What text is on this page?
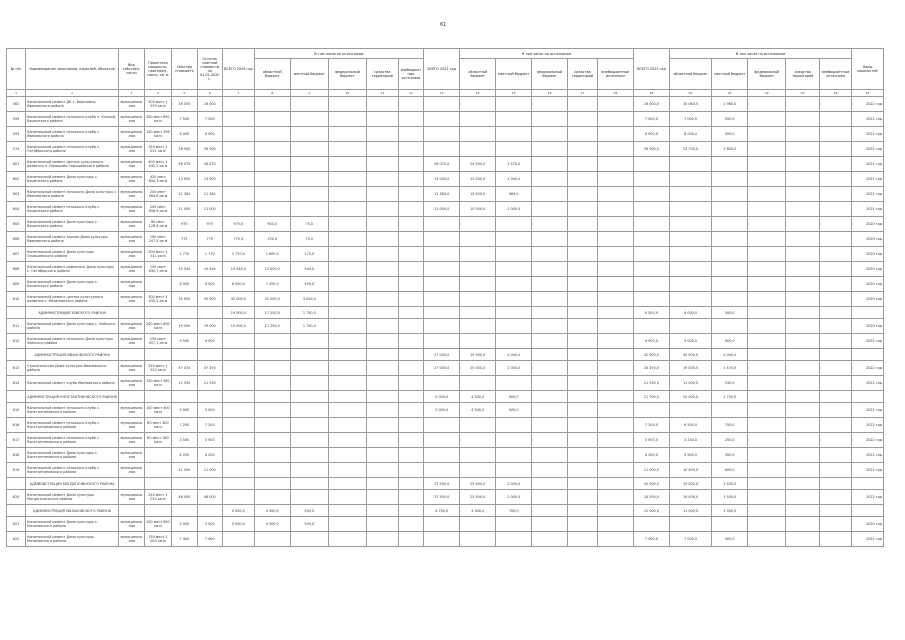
61
№ п/п	Наименование заказчиков, отраслей, объектов	Вид собствен-ности	Проектная мощность, протяжен-ность, кв. м	Сметная стоимость	Остаток сметной стоимости на 01.01.2020 г.	ВСЕГО 2020 год	В том числе по источникам					ВСЕГО 2021 год	В том числе по источникам					ВСЕГО 2022 год	В том числе по источникам					Ввод мощностей
							областной бюджет	местный бюджет	федеральный бюджет	средства территорий	внебюджетные источники		областной бюджет	местный бюджет	федеральный бюджет	средства территорий	внебюджетные источники		областной бюджет	местный бюджет	федеральный бюджет	средства территорий	внебюджетные источники	
1	2	3	4	5	6	7	8	9	10	11	12	13	14	15	16	17	18	19	20	21	22	23	24	25
582	Капитальный ремонт ДК с. Березовка, Ивановского района	муниципаль-ная	200 мест 1 079 кв.м	16 000	16 000													16 000,0	15 040,0	1 960,0				2022 год
595	Капитальный ремонт сельского клуба п. Южный, Бешенского района	муниципаль-ная	300 мест 890 кв.м	7 500	7 500													7 500,0	7 000,0	500,0				2022 год
593	Капитальный ремонт сельского клуба с. Ивановского района	муниципаль-ная	150 мест 396 кв.м	8 000	8 000													8 000,0	8 000,0	500,0				2022 год
574	Капитальный ремонт сельского клуба с. Октябрьского района	муниципаль-ная	150 мест 1 011 кв.м	26 500	26 500													26 500,0	23 700,0	2 800,0				2022 год
601	Капитальный ремонт Центра культурного развития п. Серышево Серышевского района	муниципаль-ная	400 мест 1 442,2 кв.м	26 070	26 070							26 070,0	24 500,0	1 570,0										2021 год
602	Капитальный ремонт Дома культуры с. Бешенского района	муниципаль-ная	420 мест 800,3 кв.м	13 000	13 000							13 000,0	12 000,0	1 000,0										2021 год
603	Капитальный ремонт сельского Дома культуры с. Ивановского района	муниципаль-ная	200 мест 564,6 кв.м	11 384	11 384							11 384,0	10 400,0	984,0										2021 год
604	Капитальный ремонт сельского клуба с. Бешенского района	муниципаль-ная	200 мест 658,9 кв.м	11 000	11 000							11 000,0	10 000,0	1 000,0										2021 год
605	Капитальный ремонт Дома культуры с. Бешенского района	муниципаль-ная	60 мест 128,4 кв.м	975	975	975,0	900,0	75,0																2020 год
606	Капитальный ремонт здания Дома культуры Ивановского района	муниципаль-ная	100 мест 247,5 кв.м	775	775	775,0	700,0	75,0																2020 год
607	Капитальный ремонт Дома культуры Серышевского района	муниципаль-ная	200 мест 1 021 кв.м	1 770	1 770	1 770,0	1 600,0	170,0																2020 год
608	Капитальный ремонт районного Дома культуры с. Октябрьского района	муниципаль-ная	150 мест 830,7 кв.м	10 544	10 544	10 544,0	10 000,0	544,0																2020 год
609	Капитальный ремонт Дома культуры с. Бешенского района	муниципаль-ная		8 000	8 000	8 000,0	7 450,0	550,0																2020 год
610	Капитальный ремонт центра культурного развития с. Мазановского района	муниципаль-ная	300 мест 1 050,5 кв.м	35 000	35 000	35 000,0	32 000,0	3 000,0																2020 год
	АДМИНИСТРАЦИЯ ЗЕЙСКОГО РАЙОНА					19 000,0	17 250,0	1 750,0										9 500,0	9 000,0	500,0				
611	Капитальный ремонт Дома культуры с. Зейского района	муниципаль-ная	200 мест 800 кв.м	19 000	19 000	19 000,0	17 250,0	1 750,0																2020 год
612	Капитальный ремонт сельского Дома культуры Зейского района	муниципаль-ная	150 мест 457,1 кв.м	9 500	9 500													9 500,0	9 000,0	500,0				2022 год
	АДМИНИСТРАЦИЯ ИВАНОВСКОГО РАЙОНА											27 000,0	25 000,0	2 000,0				32 000,0	30 000,0	2 000,0				
613	Строительство Дома культуры Ивановского района	муниципаль-ная	250 мест 1 012 кв.м	47 470	47 470							27 000,0	25 000,0	2 000,0				20 470,0	19 000,0	1 470,0				2022 год
614	Капитальный ремонт клуба Ивановского района	муниципаль-ная	150 мест 480 кв.м	11 530	11 530													11 530,0	11 000,0	530,0				2022 год
	АДМИНИСТРАЦИЯ КОНСТАНТИНОВСКОГО РАЙОНА											5 000,0	4 500,0	500,0				21 700,0	20 000,0	1 700,0				
615	Капитальный ремонт сельского клуба с. Константиновского района	муниципаль-ная	100 мест 400 кв.м	5 000	5 000							5 000,0	4 500,0	500,0										2021 год
616	Капитальный ремонт сельского клуба с. Константиновского района	муниципаль-ная	60 мест 300 кв.м	7 200	7 200													7 200,0	6 500,0	700,0				2022 год
617	Капитальный ремонт сельского клуба с. Константиновского района	муниципаль-ная	60 мест 180 кв.м	3 500	3 500													3 500,0	3 250,0	250,0				2022 год
618	Капитальный ремонт Дома культуры с. Константиновского района	муниципаль-ная		4 200	4 200													4 200,0	3 900,0	300,0				2022 год
619	Капитальный ремонт сельского клуба с. Константиновского района	муниципаль-ная		11 000	11 000													11 000,0	10 400,0	600,0				2022 год
	АДМИНИСТРАЦИЯ МАГДАГАЧИНСКОГО РАЙОНА											27 500,0	25 500,0	2 000,0				20 500,0	19 000,0	1 500,0				
620	Капитальный ремонт Дома культуры Магдагачинского района	муниципаль-ная	250 мест 1 022 кв.м	48 000	48 000							27 500,0	25 500,0	2 000,0				20 500,0	19 000,0	1 500,0				2022 год
	АДМИНИСТРАЦИЯ МАЗАНОВСКОГО РАЙОНА					5 000,0	4 500,0	500,0				4 700,0	4 000,0	700,0				12 000,0	11 000,0	1 000,0				
621	Капитальный ремонт Дома культуры с. Мазановского района	муниципаль-ная	250 мест 650 кв.м	5 000	5 000	5 000,0	4 500,0	500,0																2020 год
622	Капитальный ремонт Дома культуры Мазановского района	муниципаль-ная	150 мест 1 000 кв.м	7 400	7 400													7 400,0	7 000,0	400,0				2022 год
